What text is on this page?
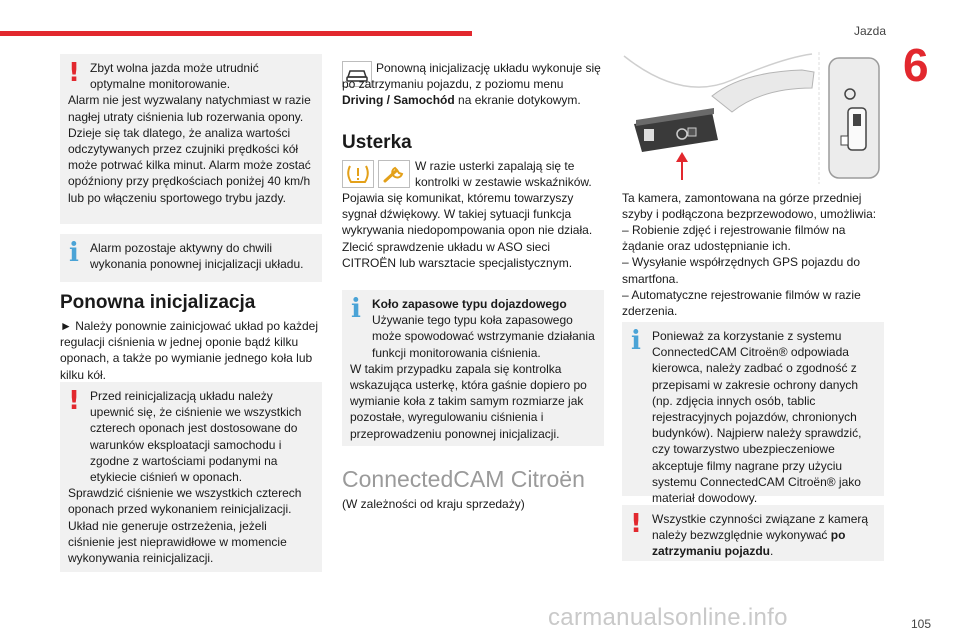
Jazda
6
105
carmanualsonline.info
! Zbyt wolna jazda może utrudnić optymalne monitorowanie.

Alarm nie jest wyzwalany natychmiast w razie nagłej utraty ciśnienia lub rozerwania opony. Dzieje się tak dlatego, że analiza wartości odczytywanych przez czujniki prędkości kół może potrwać kilka minut. Alarm może zostać opóźniony przy prędkościach poniżej 40 km/h lub po włączeniu sportowego trybu jazdy.

i Alarm pozostaje aktywny do chwili wykonania ponownej inicjalizacji układu.

Ponowna inicjalizacja

► Należy ponownie zainicjować układ po każdej regulacji ciśnienia w jednej oponie bądź kilku oponach, a także po wymianie jednego koła lub kilku kół.

! Przed reinicjalizacją układu należy upewnić się, że ciśnienie we wszystkich czterech oponach jest dostosowane do warunków eksploatacji samochodu i zgodne z wartościami podanymi na etykiecie ciśnień w oponach.

Sprawdzić ciśnienie we wszystkich czterech oponach przed wykonaniem reinicjalizacji. Układ nie generuje ostrzeżenia, jeżeli ciśnienie jest nieprawidłowe w momencie wykonywania reinicjalizacji.

Ponowną inicjalizację układu wykonuje się po zatrzymaniu pojazdu, z poziomu menu Driving / Samochód na ekranie dotykowym.

Usterka

W razie usterki zapalają się te kontrolki w zestawie wskaźników.

Pojawia się komunikat, któremu towarzyszy sygnał dźwiękowy. W takiej sytuacji funkcja wykrywania niedopompowania opon nie działa. Zlecić sprawdzenie układu w ASO sieci CITROËN lub warsztacie specjalistycznym.

i Koło zapasowe typu dojazdowego

Używanie tego typu koła zapasowego może spowodować wstrzymanie działania funkcji monitorowania ciśnienia.

W takim przypadku zapala się kontrolka wskazująca usterkę, która gaśnie dopiero po wymianie koła z takim samym rozmiarze jak pozostałe, wyregulowaniu ciśnienia i przeprowadzeniu ponownej inicjalizacji.

ConnectedCAM Citroën

(W zależności od kraju sprzedaży)

Ta kamera, zamontowana na górze przedniej szyby i podłączona bezprzewodowo, umożliwia:

– Robienie zdjęć i rejestrowanie filmów na żądanie oraz udostępnianie ich.

– Wysyłanie współrzędnych GPS pojazdu do smartfona.

– Automatyczne rejestrowanie filmów w razie zderzenia.

i Ponieważ za korzystanie z systemu ConnectedCAM Citroën® odpowiada kierowca, należy zadbać o zgodność z przepisami w zakresie ochrony danych (np. zdjęcia innych osób, tablic rejestracyjnych pojazdów, chronionych budynków). Najpierw należy sprawdzić, czy towarzystwo ubezpieczeniowe akceptuje filmy nagrane przy użyciu systemu ConnectedCAM Citroën® jako materiał dowodowy.

! Wszystkie czynności związane z kamerą należy bezwzględnie wykonywać po zatrzymaniu pojazdu.
